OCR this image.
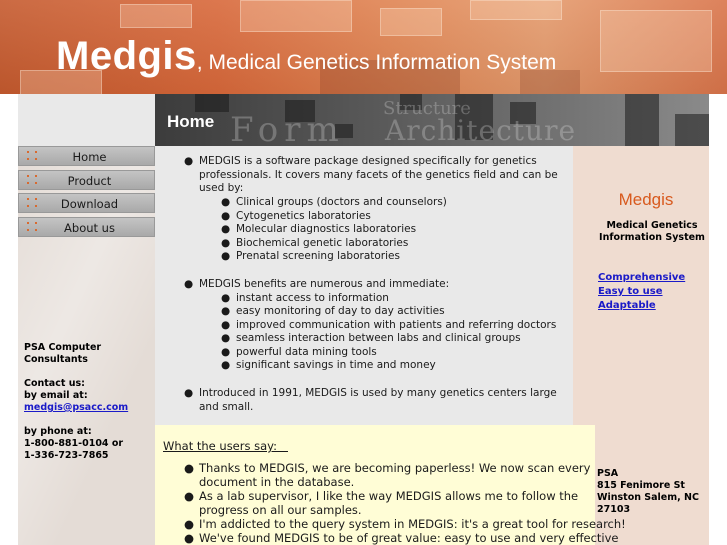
Medgis, Medical Genetics Information System
Form
Structure
Architecture
Home
Home
Product
Download
About us
PSA Computer
Consultants
Contact us:
by email at:
medgis@psacc.com
by phone at:
1-800-881-0104 or
1-336-723-7865
● MEDGIS is a software package designed specifically for genetics
professionals. It covers many facets of the genetics field and can be
used by:
● Clinical groups (doctors and counselors)
● Cytogenetics laboratories
● Molecular diagnostics laboratories
● Biochemical genetic laboratories
● Prenatal screening laboratories
● MEDGIS benefits are numerous and immediate:
● instant access to information
● easy monitoring of day to day activities
● improved communication with patients and referring doctors
● seamless interaction between labs and clinical groups
● powerful data mining tools
● significant savings in time and money
● Introduced in 1991, MEDGIS is used by many genetics centers large
and small.
Medgis
Medical Genetics
Information System
Comprehensive
Easy to use
Adaptable
PSA
815 Fenimore St
Winston Salem, NC
27103
What the users say:
● Thanks to MEDGIS, we are becoming paperless! We now scan every
document in the database.
● As a lab supervisor, I like the way MEDGIS allows me to follow the
progress on all our samples.
● I'm addicted to the query system in MEDGIS: it's a great tool for research!
● We've found MEDGIS to be of great value: easy to use and very effective
